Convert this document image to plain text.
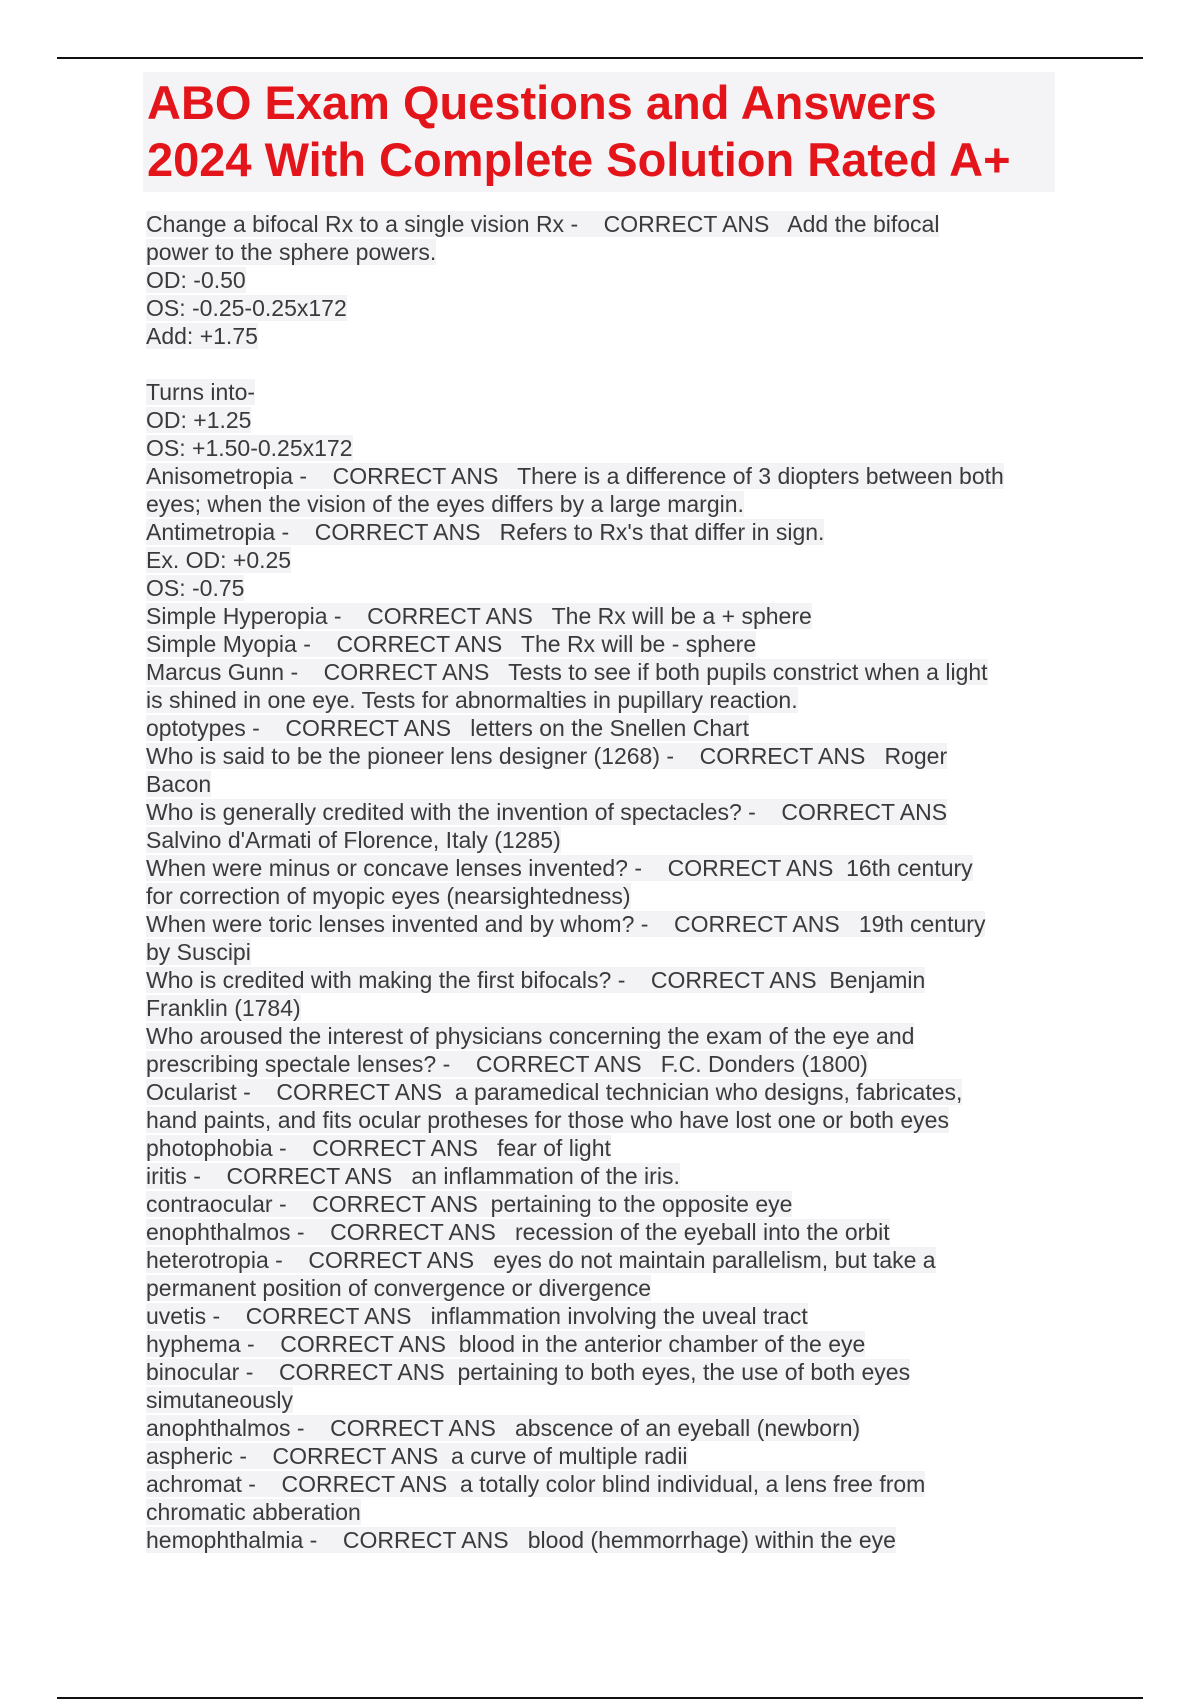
ABO Exam Questions and Answers
2024 With Complete Solution Rated A+
Change a bifocal Rx to a single vision Rx -    CORRECT ANS   Add the bifocal
power to the sphere powers.
OD: -0.50
OS: -0.25-0.25x172
Add: +1.75
Turns into-
OD: +1.25
OS: +1.50-0.25x172
Anisometropia -    CORRECT ANS   There is a difference of 3 diopters between both
eyes; when the vision of the eyes differs by a large margin.
Antimetropia -    CORRECT ANS   Refers to Rx's that differ in sign.
Ex. OD: +0.25
OS: -0.75
Simple Hyperopia -    CORRECT ANS   The Rx will be a + sphere
Simple Myopia -    CORRECT ANS   The Rx will be - sphere
Marcus Gunn -    CORRECT ANS   Tests to see if both pupils constrict when a light
is shined in one eye. Tests for abnormalties in pupillary reaction.
optotypes -    CORRECT ANS   letters on the Snellen Chart
Who is said to be the pioneer lens designer (1268) -    CORRECT ANS   Roger
Bacon
Who is generally credited with the invention of spectacles? -    CORRECT ANS
Salvino d'Armati of Florence, Italy (1285)
When were minus or concave lenses invented? -    CORRECT ANS  16th century
for correction of myopic eyes (nearsightedness)
When were toric lenses invented and by whom? -    CORRECT ANS   19th century
by Suscipi
Who is credited with making the first bifocals? -    CORRECT ANS  Benjamin
Franklin (1784)
Who aroused the interest of physicians concerning the exam of the eye and
prescribing spectale lenses? -    CORRECT ANS   F.C. Donders (1800)
Ocularist -    CORRECT ANS  a paramedical technician who designs, fabricates,
hand paints, and fits ocular protheses for those who have lost one or both eyes
photophobia -    CORRECT ANS   fear of light
iritis -    CORRECT ANS   an inflammation of the iris.
contraocular -    CORRECT ANS  pertaining to the opposite eye
enophthalmos -    CORRECT ANS   recession of the eyeball into the orbit
heterotropia -    CORRECT ANS   eyes do not maintain parallelism, but take a
permanent position of convergence or divergence
uvetis -    CORRECT ANS   inflammation involving the uveal tract
hyphema -    CORRECT ANS  blood in the anterior chamber of the eye
binocular -    CORRECT ANS  pertaining to both eyes, the use of both eyes
simutaneously
anophthalmos -    CORRECT ANS   abscence of an eyeball (newborn)
aspheric -    CORRECT ANS  a curve of multiple radii
achromat -    CORRECT ANS  a totally color blind individual, a lens free from
chromatic abberation
hemophthalmia -    CORRECT ANS   blood (hemmorrhage) within the eye
